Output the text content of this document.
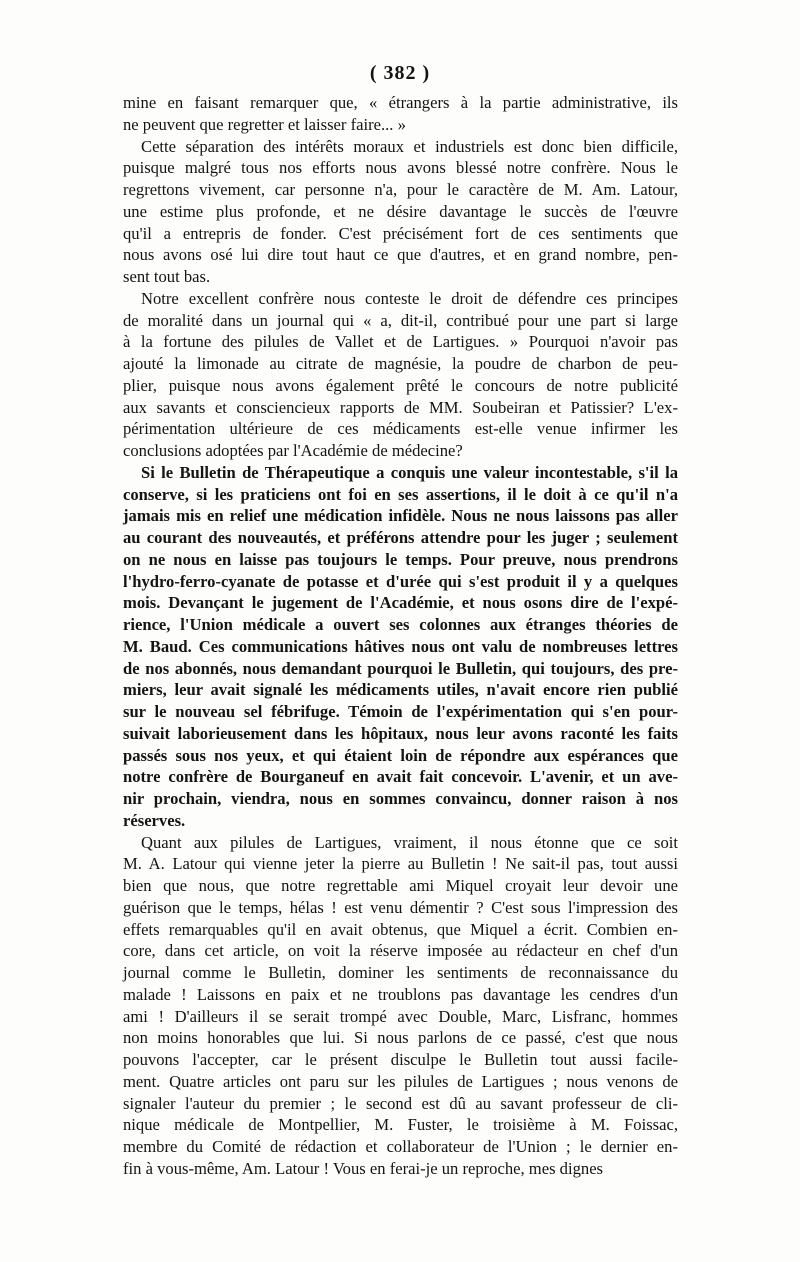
( 382 )
mine en faisant remarquer que, « étrangers à la partie administrative, ils
ne peuvent que regretter et laisser faire... »
Cette séparation des intérêts moraux et industriels est donc bien difficile,
puisque malgré tous nos efforts nous avons blessé notre confrère. Nous le
regrettons vivement, car personne n'a, pour le caractère de M. Am. Latour,
une estime plus profonde, et ne désire davantage le succès de l'œuvre
qu'il a entrepris de fonder. C'est précisément fort de ces sentiments que
nous avons osé lui dire tout haut ce que d'autres, et en grand nombre, pen-
sent tout bas.
Notre excellent confrère nous conteste le droit de défendre ces principes
de moralité dans un journal qui « a, dit-il, contribué pour une part si large
à la fortune des pilules de Vallet et de Lartigues. » Pourquoi n'avoir pas
ajouté la limonade au citrate de magnésie, la poudre de charbon de peu-
plier, puisque nous avons également prêté le concours de notre publicité
aux savants et consciencieux rapports de MM. Soubeiran et Patissier? L'ex-
périmentation ultérieure de ces médicaments est-elle venue infirmer les
conclusions adoptées par l'Académie de médecine?
Si le Bulletin de Thérapeutique a conquis une valeur incontestable, s'il la
conserve, si les praticiens ont foi en ses assertions, il le doit à ce qu'il n'a
jamais mis en relief une médication infidèle. Nous ne nous laissons pas aller
au courant des nouveautés, et préférons attendre pour les juger ; seulement
on ne nous en laisse pas toujours le temps. Pour preuve, nous prendrons
l'hydro-ferro-cyanate de potasse et d'urée qui s'est produit il y a quelques
mois. Devançant le jugement de l'Académie, et nous osons dire de l'expé-
rience, l'Union médicale a ouvert ses colonnes aux étranges théories de
M. Baud. Ces communications hâtives nous ont valu de nombreuses lettres
de nos abonnés, nous demandant pourquoi le Bulletin, qui toujours, des pre-
miers, leur avait signalé les médicaments utiles, n'avait encore rien publié
sur le nouveau sel fébrifuge. Témoin de l'expérimentation qui s'en pour-
suivait laborieusement dans les hôpitaux, nous leur avons raconté les faits
passés sous nos yeux, et qui étaient loin de répondre aux espérances que
notre confrère de Bourganeuf en avait fait concevoir. L'avenir, et un ave-
nir prochain, viendra, nous en sommes convaincu, donner raison à nos
réserves.
Quant aux pilules de Lartigues, vraiment, il nous étonne que ce soit
M. A. Latour qui vienne jeter la pierre au Bulletin ! Ne sait-il pas, tout aussi
bien que nous, que notre regrettable ami Miquel croyait leur devoir une
guérison que le temps, hélas ! est venu démentir ? C'est sous l'impression des
effets remarquables qu'il en avait obtenus, que Miquel a écrit. Combien en-
core, dans cet article, on voit la réserve imposée au rédacteur en chef d'un
journal comme le Bulletin, dominer les sentiments de reconnaissance du
malade ! Laissons en paix et ne troublons pas davantage les cendres d'un
ami ! D'ailleurs il se serait trompé avec Double, Marc, Lisfranc, hommes
non moins honorables que lui. Si nous parlons de ce passé, c'est que nous
pouvons l'accepter, car le présent disculpe le Bulletin tout aussi facile-
ment. Quatre articles ont paru sur les pilules de Lartigues ; nous venons de
signaler l'auteur du premier ; le second est dû au savant professeur de cli-
nique médicale de Montpellier, M. Fuster, le troisième à M. Foissac,
membre du Comité de rédaction et collaborateur de l'Union ; le dernier en-
fin à vous-même, Am. Latour ! Vous en ferai-je un reproche, mes dignes
